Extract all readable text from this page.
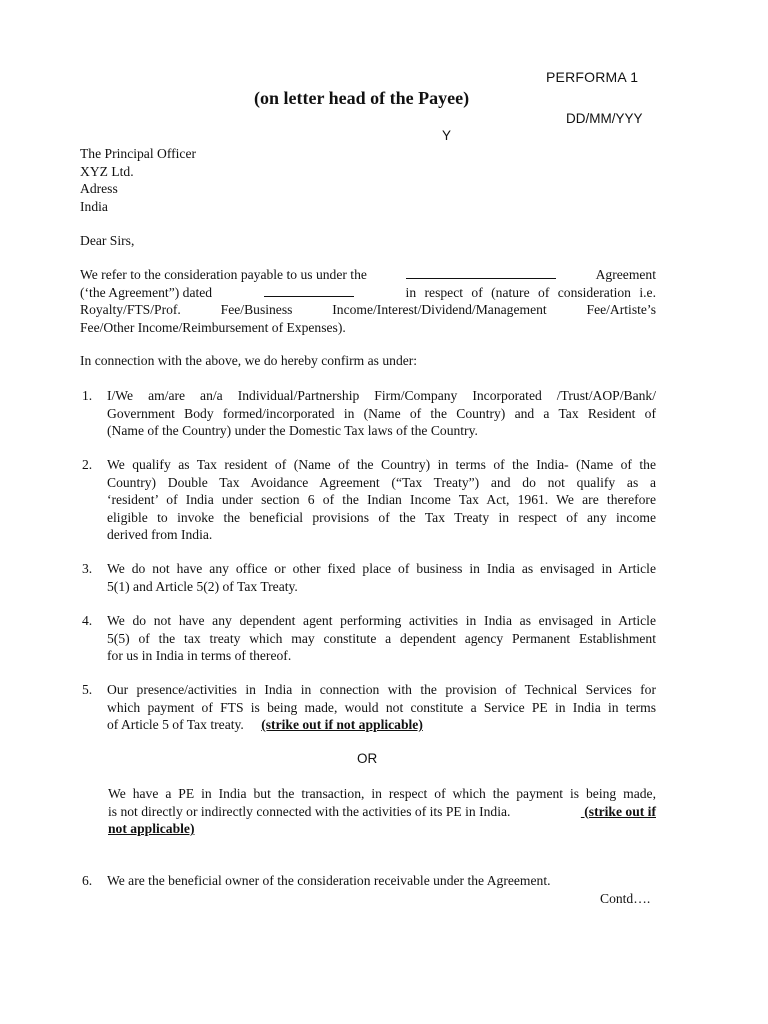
PERFORMA 1
(on letter head of the Payee)
DD/MM/YYY
Y
The Principal Officer
XYZ Ltd.
Adress
India
Dear Sirs,
We refer to the consideration payable to us under the	Agreement
(‘the Agreement”) dated	in respect of (nature of consideration i.e.
Royalty/FTS/Prof. Fee/Business Income/Interest/Dividend/Management Fee/Artiste’s
Fee/Other Income/Reimbursement of Expenses).
In connection with the above, we do hereby confirm as under:
1.	I/We am/are an/a Individual/Partnership Firm/Company Incorporated /Trust/AOP/Bank/
Government Body formed/incorporated in (Name of the Country) and a Tax Resident of
(Name of the Country) under the Domestic Tax laws of the Country.
2.	We qualify as Tax resident of (Name of the Country) in terms of the India- (Name of the
Country) Double Tax Avoidance Agreement (“Tax Treaty”) and do not qualify as a
‘resident’ of India under section 6 of the Indian Income Tax Act, 1961. We are therefore
eligible to invoke the beneficial provisions of the Tax Treaty in respect of any income
derived from India.
3.	We do not have any office or other fixed place of business in India as envisaged in Article
5(1) and Article 5(2) of Tax Treaty.
4.	We do not have any dependent agent performing activities in India as envisaged in Article
5(5) of the tax treaty which may constitute a dependent agency Permanent Establishment
for us in India in terms of thereof.
5.	Our presence/activities in India in connection with the provision of Technical Services for
which payment of FTS is being made, would not constitute a Service PE in India in terms
of Article 5 of Tax treaty. (strike out if not applicable)
OR
We have a PE in India but the transaction, in respect of which the payment is being made,
is not directly or indirectly connected with the activities of its PE in India.	(strike out if
not applicable)
6.	We are the beneficial owner of the consideration receivable under the Agreement.
Contd….
